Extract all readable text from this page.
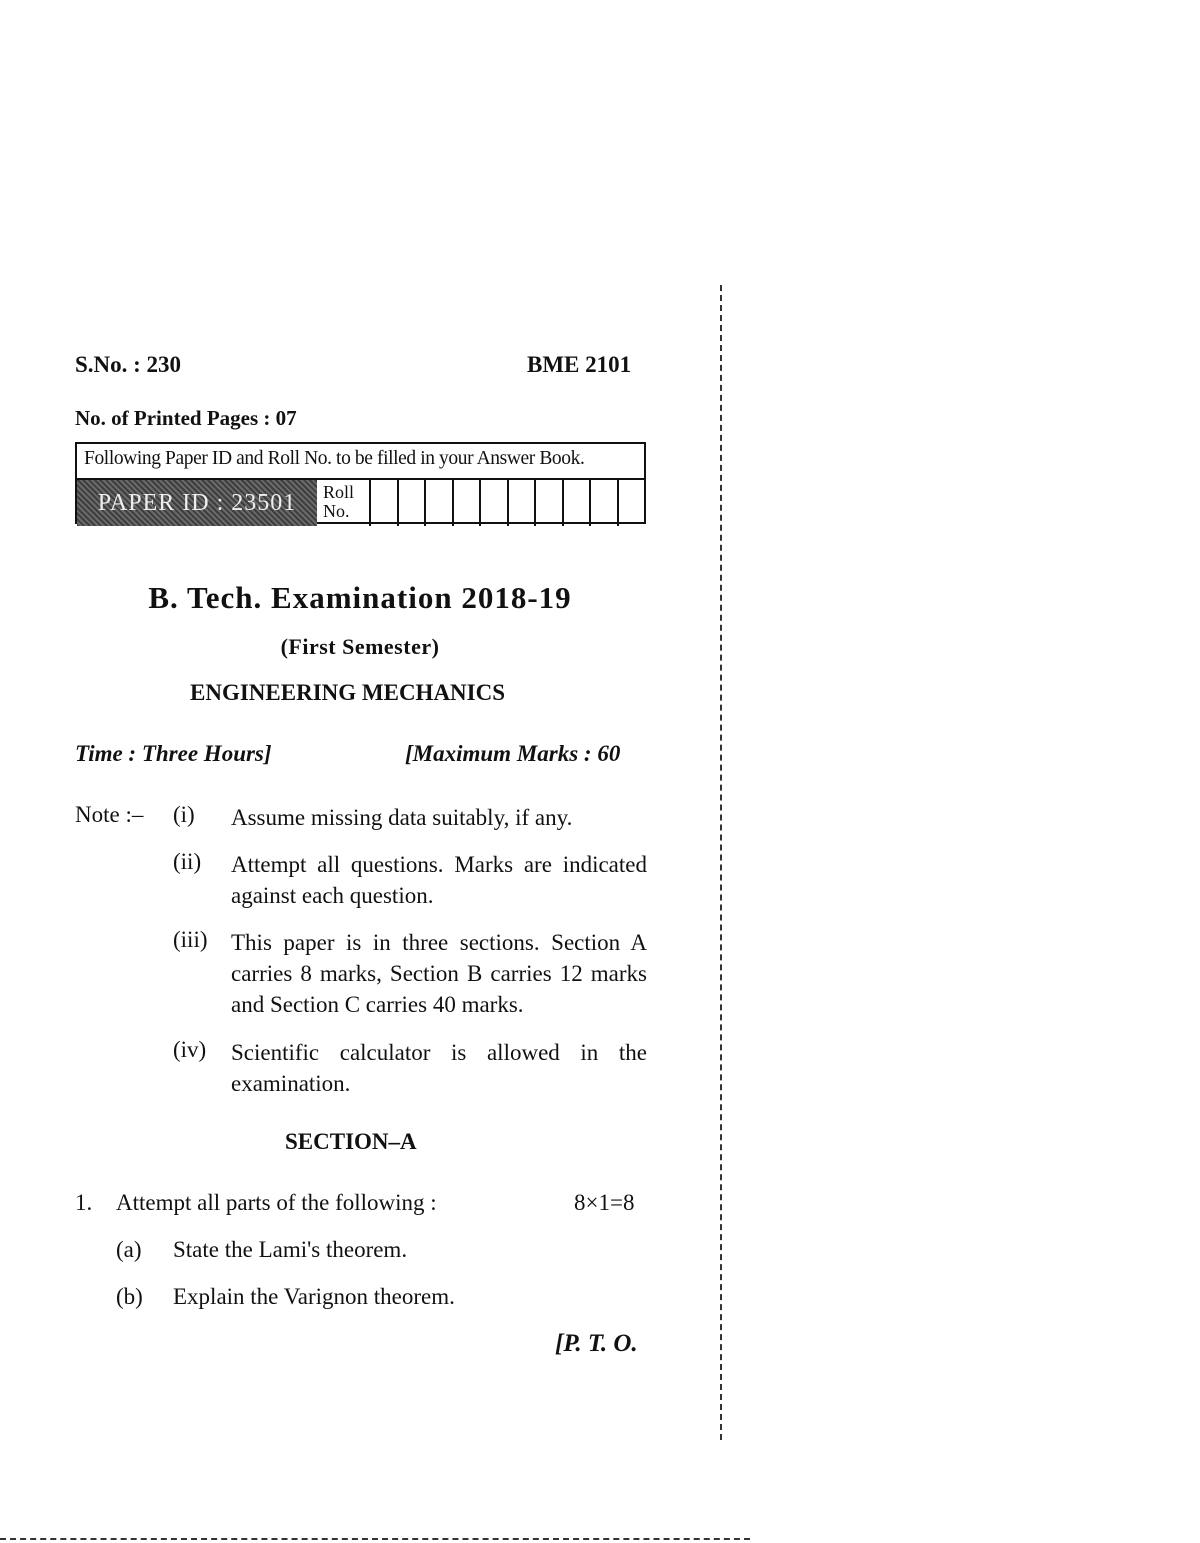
S.No. : 230	BME 2101
No. of Printed Pages : 07
Following Paper ID and Roll No. to be filled in your Answer Book.
PAPER ID : 23501	Roll
No.
B. Tech. Examination 2018-19
(First Semester)
ENGINEERING MECHANICS
Time : Three Hours]	[Maximum Marks : 60
Note :– (i) Assume missing data suitably, if any.
(ii) Attempt all questions. Marks are indicated against each question.
(iii) This paper is in three sections. Section A carries 8 marks, Section B carries 12 marks and Section C carries 40 marks.
(iv) Scientific calculator is allowed in the examination.
SECTION–A
1. Attempt all parts of the following :	8×1=8
(a) State the Lami's theorem.
(b) Explain the Varignon theorem.
[P. T. O.
